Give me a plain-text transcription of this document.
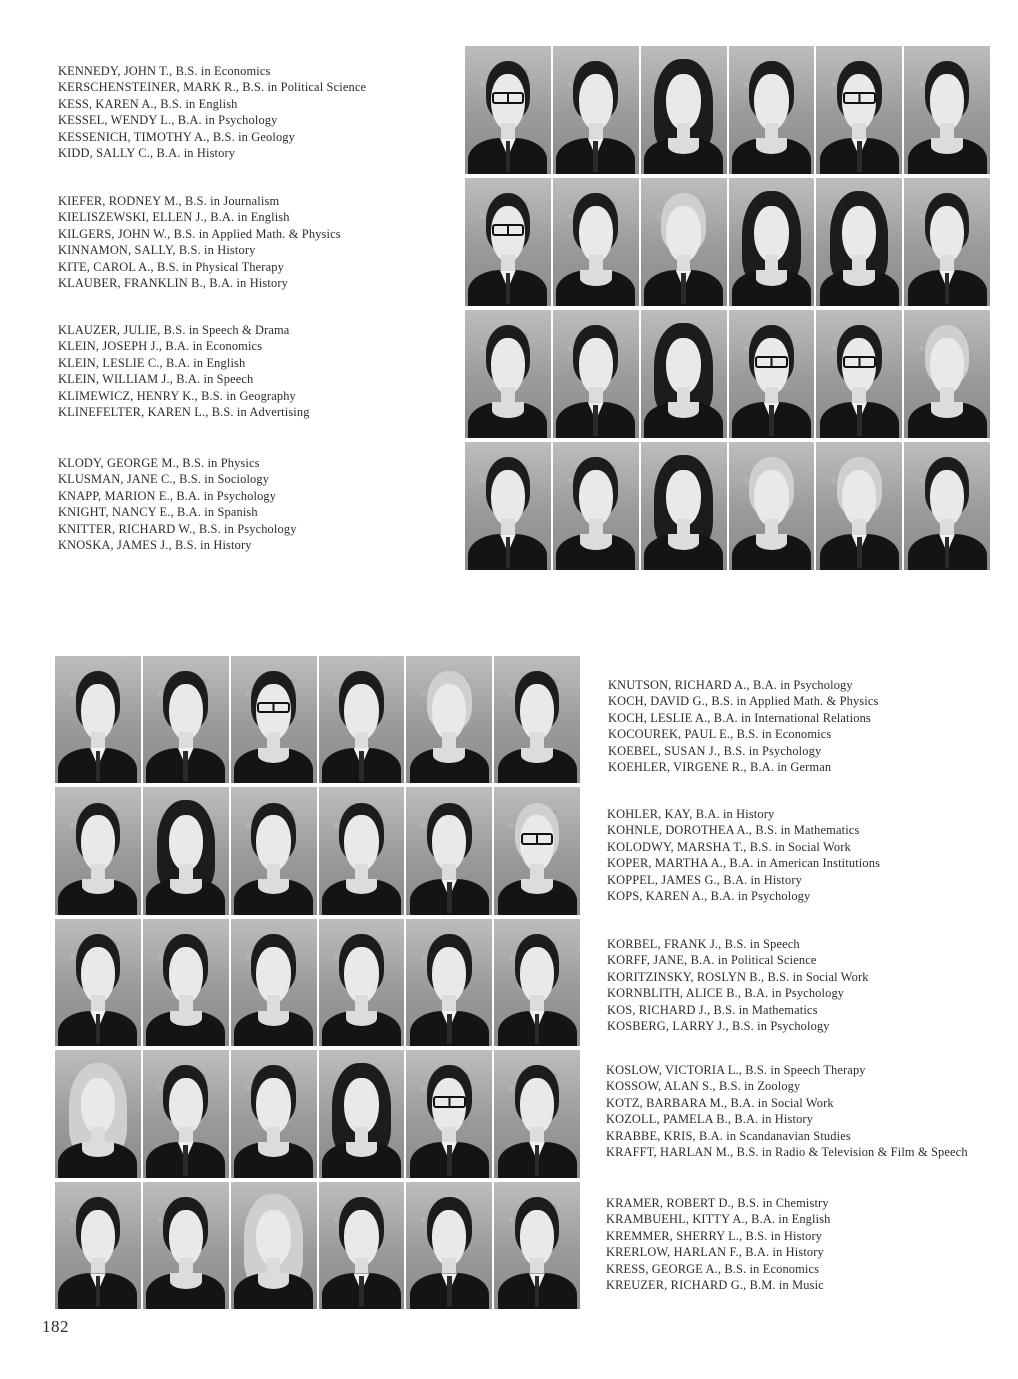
KENNEDY, JOHN T., B.S. in Economics
KERSCHENSTEINER, MARK R., B.S. in Political Science
KESS, KAREN A., B.S. in English
KESSEL, WENDY L., B.A. in Psychology
KESSENICH, TIMOTHY A., B.S. in Geology
KIDD, SALLY C., B.A. in History
KIEFER, RODNEY M., B.S. in Journalism
KIELISZEWSKI, ELLEN J., B.A. in English
KILGERS, JOHN W., B.S. in Applied Math. & Physics
KINNAMON, SALLY, B.S. in History
KITE, CAROL A., B.S. in Physical Therapy
KLAUBER, FRANKLIN B., B.A. in History
KLAUZER, JULIE, B.S. in Speech & Drama
KLEIN, JOSEPH J., B.A. in Economics
KLEIN, LESLIE C., B.A. in English
KLEIN, WILLIAM J., B.A. in Speech
KLIMEWICZ, HENRY K., B.S. in Geography
KLINEFELTER, KAREN L., B.S. in Advertising
KLODY, GEORGE M., B.S. in Physics
KLUSMAN, JANE C., B.S. in Sociology
KNAPP, MARION E., B.A. in Psychology
KNIGHT, NANCY E., B.A. in Spanish
KNITTER, RICHARD W., B.S. in Psychology
KNOSKA, JAMES J., B.S. in History
KNUTSON, RICHARD A., B.A. in Psychology
KOCH, DAVID G., B.S. in Applied Math. & Physics
KOCH, LESLIE A., B.A. in International Relations
KOCOUREK, PAUL E., B.S. in Economics
KOEBEL, SUSAN J., B.S. in Psychology
KOEHLER, VIRGENE R., B.A. in German
KOHLER, KAY, B.A. in History
KOHNLE, DOROTHEA A., B.S. in Mathematics
KOLODWY, MARSHA T., B.S. in Social Work
KOPER, MARTHA A., B.A. in American Institutions
KOPPEL, JAMES G., B.A. in History
KOPS, KAREN A., B.A. in Psychology
KORBEL, FRANK J., B.S. in Speech
KORFF, JANE, B.A. in Political Science
KORITZINSKY, ROSLYN B., B.S. in Social Work
KORNBLITH, ALICE B., B.A. in Psychology
KOS, RICHARD J., B.S. in Mathematics
KOSBERG, LARRY J., B.S. in Psychology
KOSLOW, VICTORIA L., B.S. in Speech Therapy
KOSSOW, ALAN S., B.S. in Zoology
KOTZ, BARBARA M., B.A. in Social Work
KOZOLL, PAMELA B., B.A. in History
KRABBE, KRIS, B.A. in Scandanavian Studies
KRAFFT, HARLAN M., B.S. in Radio & Television & Film & Speech
KRAMER, ROBERT D., B.S. in Chemistry
KRAMBUEHL, KITTY A., B.A. in English
KREMMER, SHERRY L., B.S. in History
KRERLOW, HARLAN F., B.A. in History
KRESS, GEORGE A., B.S. in Economics
KREUZER, RICHARD G., B.M. in Music
182
